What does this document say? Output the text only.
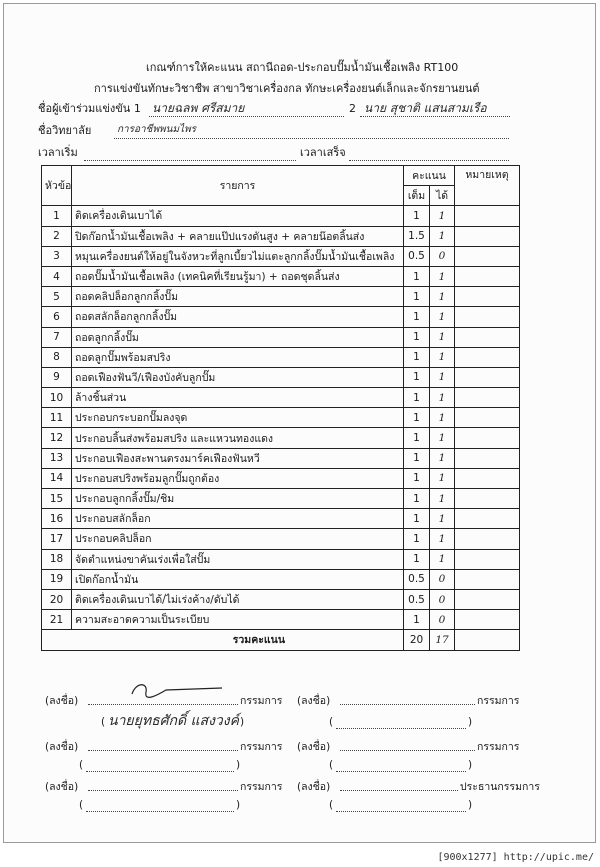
เกณฑ์การให้คะแนน สถานีถอด-ประกอบปั๊มน้ำมันเชื้อเพลิง RT100
การแข่งขันทักษะวิชาชีพ สาขาวิชาเครื่องกล ทักษะเครื่องยนต์เล็กและจักรยานยนต์
ชื่อผู้เข้าร่วมแข่งขัน 1 นายฉลพ ศรีสมาย	2 นาย สุชาติ แสนสามเรือ
ชื่อวิทยาลัย	การอาชีพพนมไพร
เวลาเริ่ม	เวลาเสร็จ
หัวข้อ	รายการ	คะแนน		หมายเหตุ
		เต็ม	ได้	
1	ติดเครื่องเดินเบาได้	1	1	
2	ปิดก๊อกน้ำมันเชื้อเพลิง + คลายแป๊ปแรงดันสูง + คลายน๊อตลิ้นส่ง	1.5	1	
3	หมุนเครื่องยนต์ให้อยู่ในจังหวะที่ลูกเบี้ยวไม่แตะลูกกลิ้งปั๊มน้ำมันเชื้อเพลิง	0.5	0	
4	ถอดปั๊มน้ำมันเชื้อเพลิง (เทคนิคที่เรียนรู้มา) + ถอดชุดลิ้นส่ง	1	1	
5	ถอดคลิปล็อกลูกกลิ้งปั๊ม	1	1	
6	ถอดสลักล็อกลูกกลิ้งปั๊ม	1	1	
7	ถอดลูกกลิ้งปั๊ม	1	1	
8	ถอดลูกปั๊มพร้อมสปริง	1	1	
9	ถอดเฟืองฟันวี/เฟืองบังคับลูกปั๊ม	1	1	
10	ล้างชิ้นส่วน	1	1	
11	ประกอบกระบอกปั๊มลงจุด	1	1	
12	ประกอบลิ้นส่งพร้อมสปริง และแหวนทองแดง	1	1	
13	ประกอบเฟืองสะพานตรงมาร์คเฟืองฟันหวี	1	1	
14	ประกอบสปริงพร้อมลูกปั๊มถูกต้อง	1	1	
15	ประกอบลูกกลิ้งปั๊ม/ชิม	1	1	
16	ประกอบสลักล็อก	1	1	
17	ประกอบคลิปล็อก	1	1	
18	จัดตำแหน่งขาคันเร่งเพื่อใส่ปั๊ม	1	1	
19	เปิดก๊อกน้ำมัน	0.5	0	
20	ติดเครื่องเดินเบาได้/ไม่เร่งค้าง/ดับได้	0.5	0	
21	ความสะอาดความเป็นระเบียบ	1	0	
รวมคะแนน		20	17	
(ลงชื่อ)	กรรมการ (ลงชื่อ)	กรรมการ
( นายยุทธศักดิ์ แสงวงค์ )	(	)
(ลงชื่อ)	กรรมการ (ลงชื่อ)	กรรมการ
(	)	(	)
(ลงชื่อ)	กรรมการ (ลงชื่อ)	ประธานกรรมการ
(	)	(	)
[900x1277] http://upic.me/
